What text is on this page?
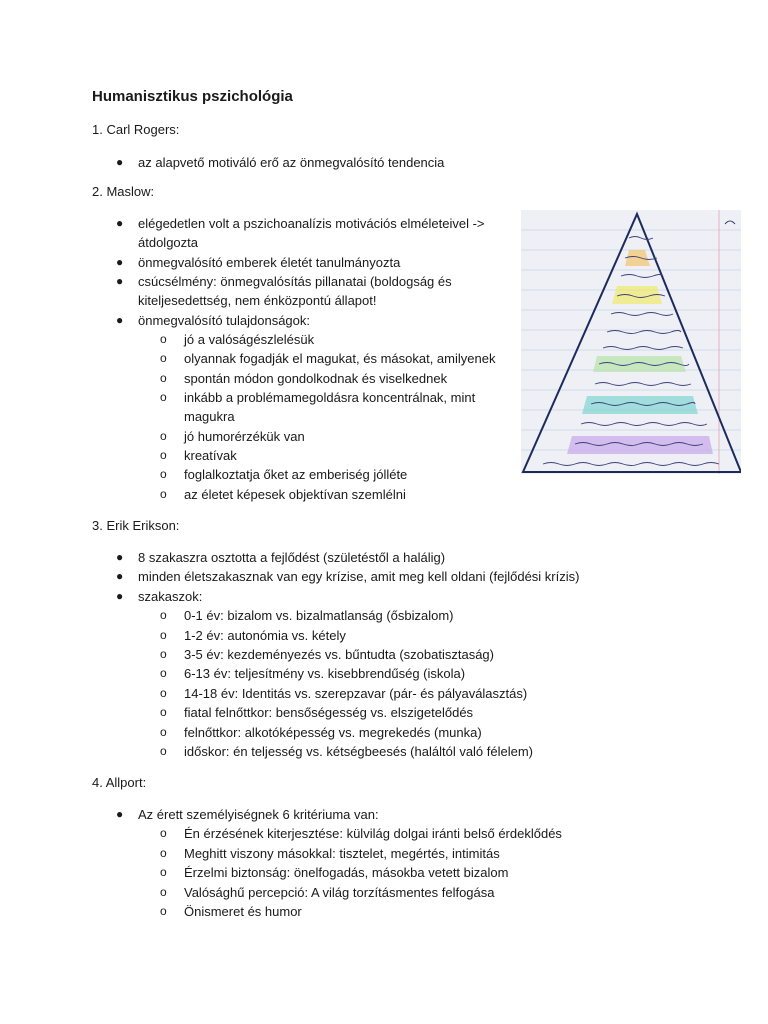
Humanisztikus pszichológia
1. Carl Rogers:
● az alapvető motiváló erő az önmegvalósító tendencia
2. Maslow:
● elégedetlen volt a pszichoanalízis motivációs elméleteivel ->
átdolgozta
● önmegvalósító emberek életét tanulmányozta
● csúcsélmény: önmegvalósítás pillanatai (boldogság és
kiteljesedettség, nem énközpontú állapot!
● önmegvalósító tulajdonságok:
o jó a valóságészlelésük
o olyannak fogadják el magukat, és másokat, amilyenek
o spontán módon gondolkodnak és viselkednek
o inkább a problémamegoldásra koncentrálnak, mint
magukra
o jó humorérzékük van
o kreatívak
o foglalkoztatja őket az emberiség jólléte
o az életet képesek objektívan szemlélni
3. Erik Erikson:
● 8 szakaszra osztotta a fejlődést (születéstől a halálig)
● minden életszakasznak van egy krízise, amit meg kell oldani (fejlődési krízis)
● szakaszok:
o 0-1 év: bizalom vs. bizalmatlanság (ősbizalom)
o 1-2 év: autonómia vs. kétely
o 3-5 év: kezdeményezés vs. bűntudta (szobatisztaság)
o 6-13 év: teljesítmény vs. kisebbrendűség (iskola)
o 14-18 év: Identitás vs. szerepzavar (pár- és pályaválasztás)
o fiatal felnőttkor: bensőségesség vs. elszigetelődés
o felnőttkor: alkotóképesség vs. megrekedés (munka)
o időskor: én teljesség vs. kétségbeesés (haláltól való félelem)
4. Allport:
● Az érett személyiségnek 6 kritériuma van:
o Én érzésének kiterjesztése: külvilág dolgai iránti belső érdeklődés
o Meghitt viszony másokkal: tisztelet, megértés, intimitás
o Érzelmi biztonság: önelfogadás, másokba vetett bizalom
o Valósághű percepció: A világ torzításmentes felfogása
o Önismeret és humor
